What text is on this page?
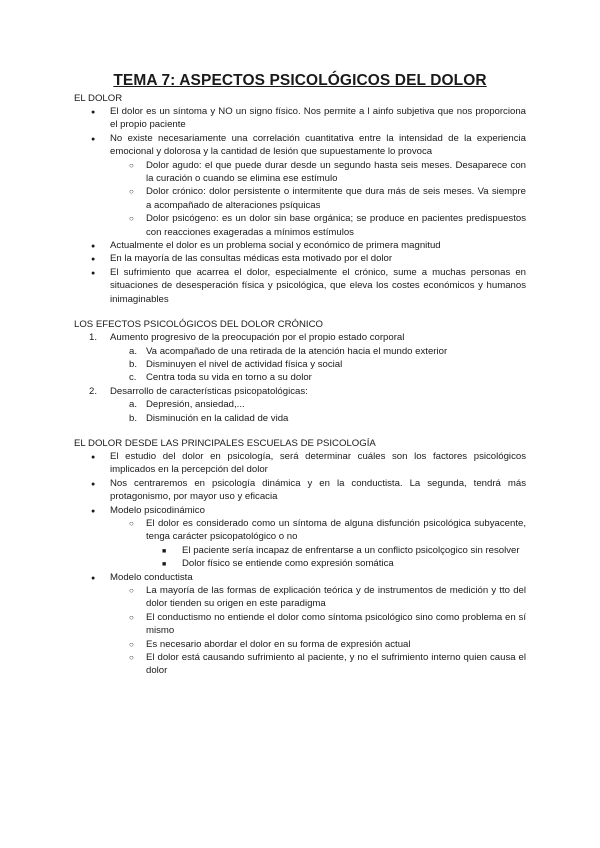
TEMA 7: ASPECTOS PSICOLÓGICOS DEL DOLOR

EL DOLOR

●
El dolor es un síntoma y NO un signo físico. Nos permite a l ainfo subjetiva que nos proporciona el propio paciente
●
No existe necesariamente una correlación cuantitativa entre la intensidad de la experiencia emocional y dolorosa y la cantidad de lesión que supuestamente lo provoca
○
Dolor agudo: el que puede durar desde un segundo hasta seis meses. Desaparece con la curación o cuando se elimina ese estímulo
○
Dolor crónico: dolor persistente o intermitente que dura más de seis meses. Va siempre a acompañado de alteraciones psíquicas
○
Dolor psicógeno: es un dolor sin base orgánica; se produce en pacientes predispuestos con reacciones exageradas a mínimos estímulos
●
Actualmente el dolor es un problema social y económico de primera magnitud
●
En la mayoría de las consultas médicas esta motivado por el dolor
●
El sufrimiento que acarrea el dolor, especialmente el crónico, sume a muchas personas en situaciones de desesperación física y psicológica, que eleva los costes económicos y humanos inimaginables

LOS EFECTOS PSICOLÓGICOS DEL DOLOR CRÓNICO

1. Aumento progresivo de la preocupación por el propio estado corporal
a. Va acompañado de una retirada de la atención hacia el mundo exterior
b. Disminuyen el nivel de actividad física y social
c. Centra toda su vida en torno a su dolor
2. Desarrollo de características psicopatológicas:
a. Depresión, ansiedad,...
b. Disminución en la calidad de vida

EL DOLOR DESDE LAS PRINCIPALES ESCUELAS DE PSICOLOGÍA

●
El estudio del dolor en psicología, será determinar cuáles son los factores psicológicos implicados en la percepción del dolor
●
Nos centraremos en psicología dinámica y en la conductista. La segunda, tendrá más protagonismo, por mayor uso y eficacia
●
Modelo psicodinámico
○
El dolor es considerado como un síntoma de alguna disfunción psicológica subyacente, tenga carácter psicopatológico o no
■
El paciente sería incapaz de enfrentarse a un conflicto psicolçogico sin resolver
■
Dolor físico se entiende como expresión somática
●
Modelo conductista
○
La mayoría de las formas de explicación teórica y de instrumentos de medición y tto del dolor tienden su origen en este paradigma
○
El conductismo no entiende el dolor como síntoma psicológico sino como problema en sí mismo
○
Es necesario abordar el dolor en su forma de expresión actual
○
El dolor está causando sufrimiento al paciente, y no el sufrimiento interno quien causa el dolor
